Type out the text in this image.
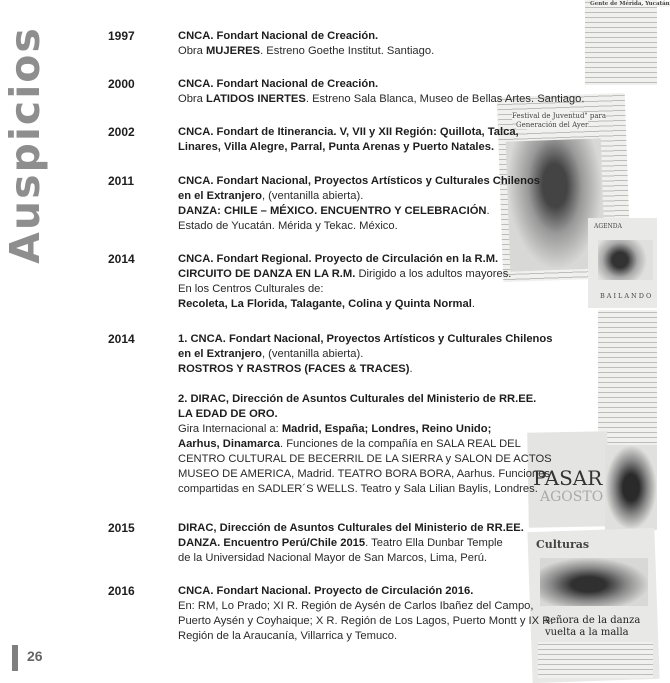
Gente de Mérida, Yucatán
Festival de Juventud" para
Generación del Ayer
AGENDA
BAILANDO
PASAR
AGOSTO
Culturas
señora de la danza
vuelta a la malla
Auspicios	1997	CNCA. Fondart Nacional de Creación.
Obra MUJERES. Estreno Goethe Institut. Santiago.
2000	CNCA. Fondart Nacional de Creación.
Obra LATIDOS INERTES. Estreno Sala Blanca, Museo de Bellas Artes. Santiago.
2002	CNCA. Fondart de Itinerancia. V, VII y XII Región: Quillota, Talca,
Linares, Villa Alegre, Parral, Punta Arenas y Puerto Natales.
2011	CNCA. Fondart Nacional, Proyectos Artísticos y Culturales Chilenos
en el Extranjero, (ventanilla abierta).
DANZA: CHILE – MÉXICO. ENCUENTRO Y CELEBRACIÓN.
Estado de Yucatán. Mérida y Tekac. México.
2014	CNCA. Fondart Regional. Proyecto de Circulación en la R.M.
CIRCUITO DE DANZA EN LA R.M. Dirigido a los adultos mayores.
En los Centros Culturales de:
Recoleta, La Florida, Talagante, Colina y Quinta Normal.
2014	1. CNCA. Fondart Nacional, Proyectos Artísticos y Culturales Chilenos
en el Extranjero, (ventanilla abierta).
ROSTROS Y RASTROS (FACES & TRACES).
2. DIRAC, Dirección de Asuntos Culturales del Ministerio de RR.EE.
LA EDAD DE ORO.
Gira Internacional a: Madrid, España; Londres, Reino Unido;
Aarhus, Dinamarca. Funciones de la compañía en SALA REAL DEL
CENTRO CULTURAL DE BECERRIL DE LA SIERRA y SALON DE ACTOS
MUSEO DE AMERICA, Madrid. TEATRO BORA BORA, Aarhus. Funciones
compartidas en SADLER´S WELLS. Teatro y Sala Lilian Baylis, Londres.
2015	DIRAC, Dirección de Asuntos Culturales del Ministerio de RR.EE.
DANZA. Encuentro Perú/Chile 2015. Teatro Ella Dunbar Temple
de la Universidad Nacional Mayor de San Marcos, Lima, Perú.
2016	CNCA. Fondart Nacional. Proyecto de Circulación 2016.
En: RM, Lo Prado; XI R. Región de Aysén de Carlos Ibañez del Campo,
Puerto Aysén y Coyhaique; X R. Región de Los Lagos, Puerto Montt y IX R.
Región de la Araucanía, Villarrica y Temuco.
26
